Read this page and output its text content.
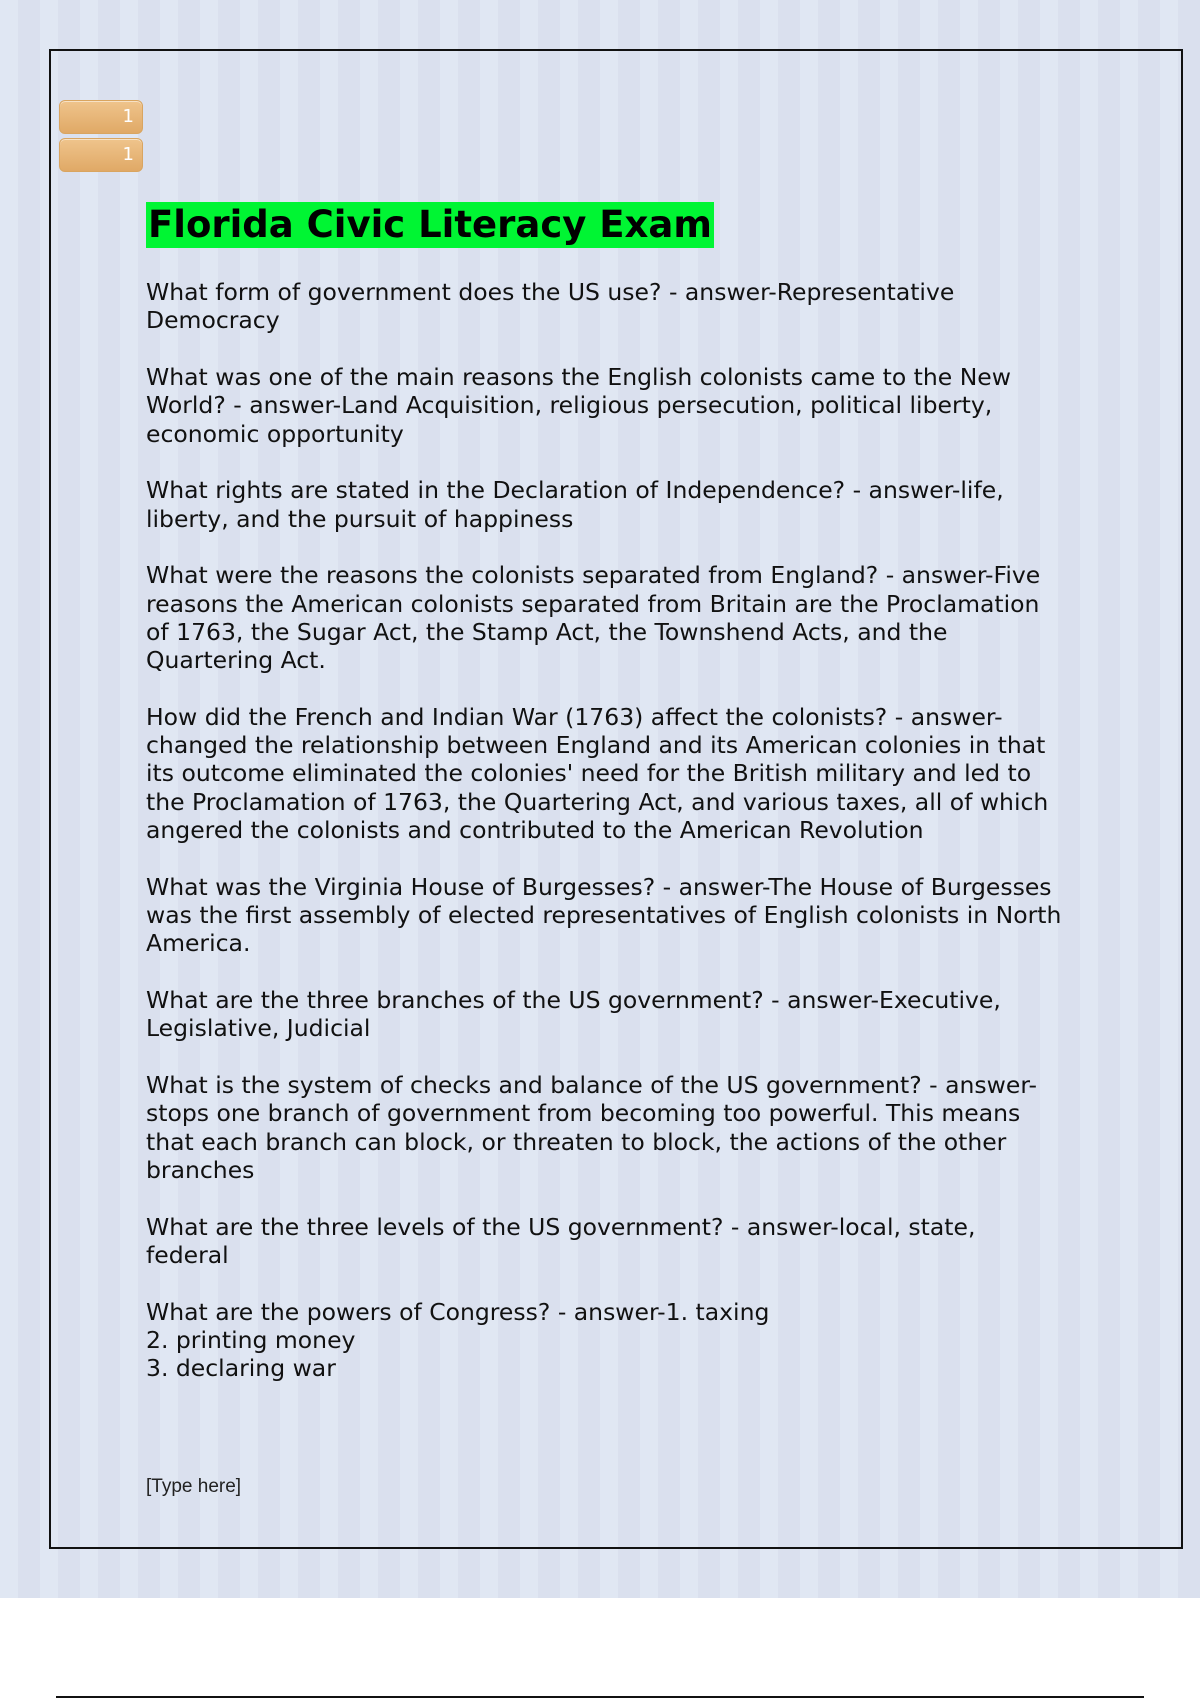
1
1
Florida Civic Literacy Exam
What form of government does the US use? - answer-Representative
Democracy
What was one of the main reasons the English colonists came to the New
World? - answer-Land Acquisition, religious persecution, political liberty,
economic opportunity
What rights are stated in the Declaration of Independence? - answer-life,
liberty, and the pursuit of happiness
What were the reasons the colonists separated from England? - answer-Five
reasons the American colonists separated from Britain are the Proclamation
of 1763, the Sugar Act, the Stamp Act, the Townshend Acts, and the
Quartering Act.
How did the French and Indian War (1763) affect the colonists? - answer-
changed the relationship between England and its American colonies in that
its outcome eliminated the colonies' need for the British military and led to
the Proclamation of 1763, the Quartering Act, and various taxes, all of which
angered the colonists and contributed to the American Revolution
What was the Virginia House of Burgesses? - answer-The House of Burgesses
was the first assembly of elected representatives of English colonists in North
America.
What are the three branches of the US government? - answer-Executive,
Legislative, Judicial
What is the system of checks and balance of the US government? - answer-
stops one branch of government from becoming too powerful. This means
that each branch can block, or threaten to block, the actions of the other
branches
What are the three levels of the US government? - answer-local, state,
federal
What are the powers of Congress? - answer-1. taxing
2. printing money
3. declaring war
[Type here]
